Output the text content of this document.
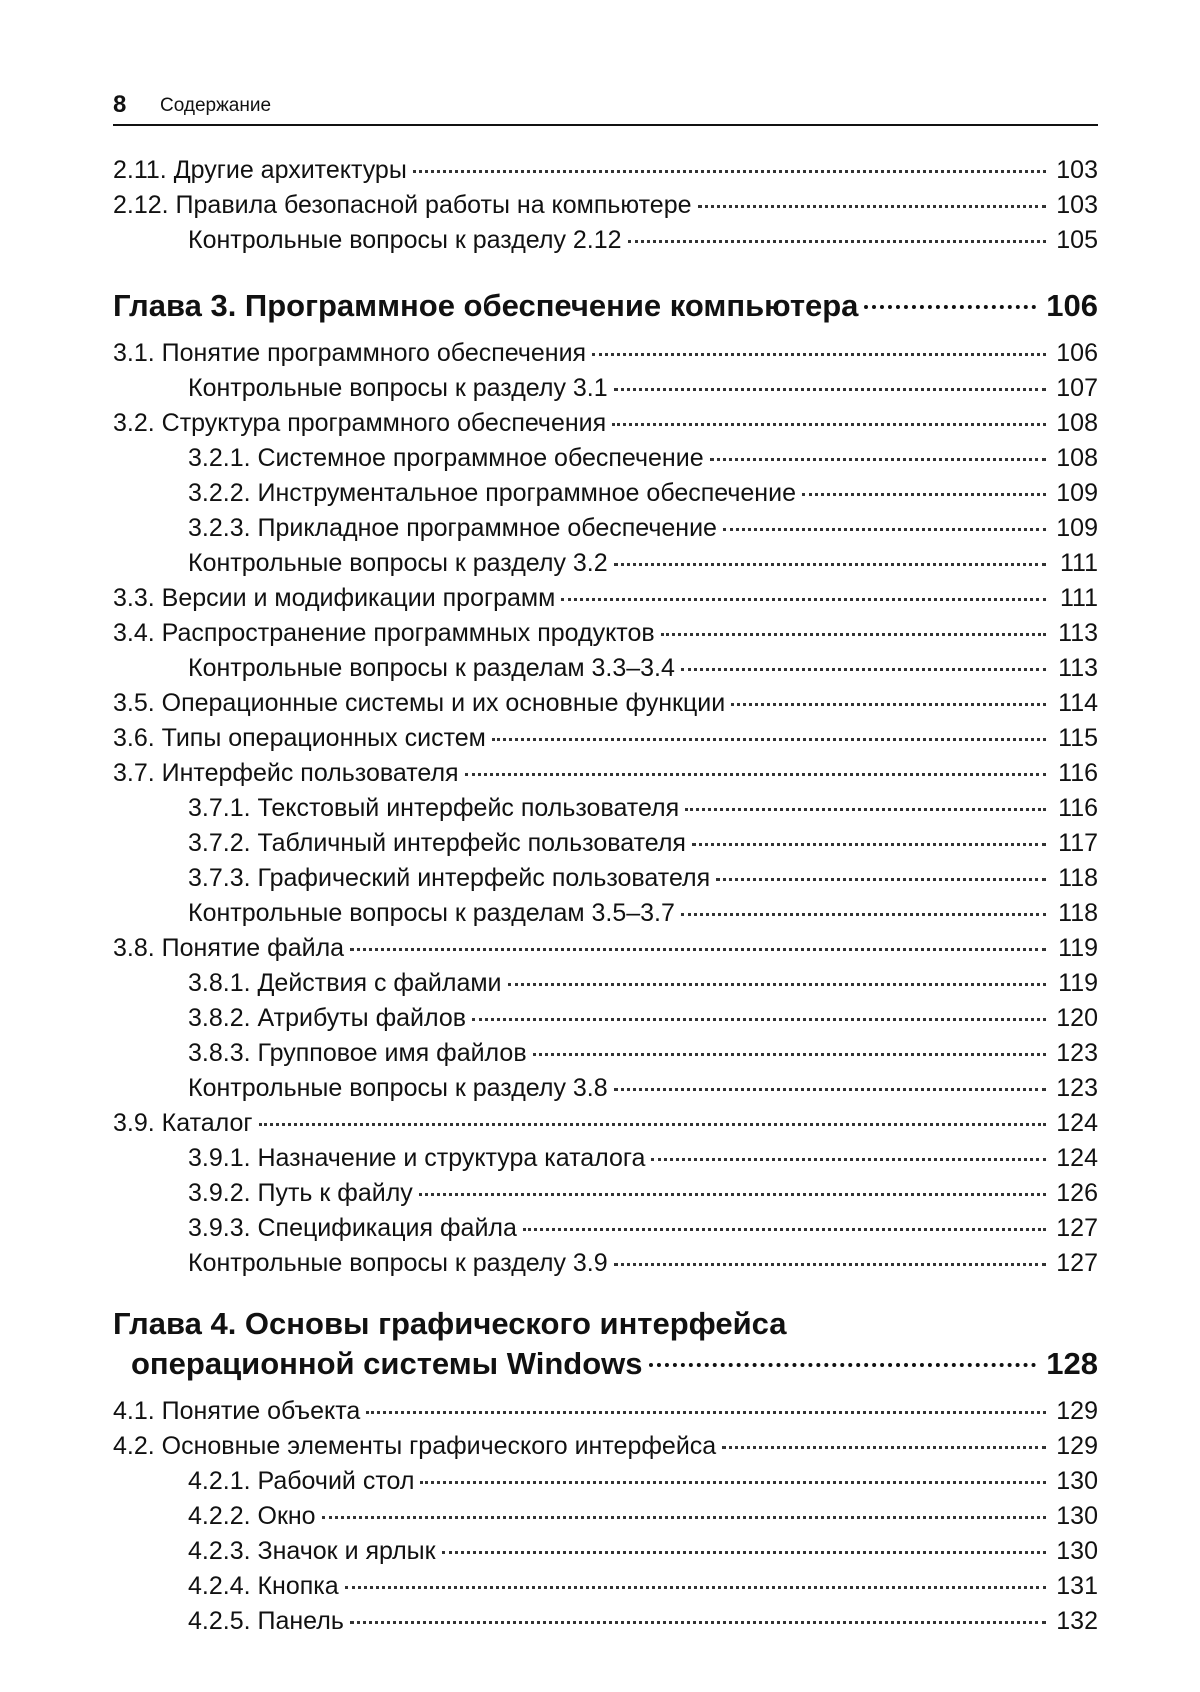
8 Содержание
2.11. Другие архитектуры	103
2.12. Правила безопасной работы на компьютере	103
Контрольные вопросы к разделу 2.12	105
Глава 3. Программное обеспечение компьютера	106
3.1. Понятие программного обеспечения	106
Контрольные вопросы к разделу 3.1	107
3.2. Структура программного обеспечения	108
3.2.1. Системное программное обеспечение	108
3.2.2. Инструментальное программное обеспечение	109
3.2.3. Прикладное программное обеспечение	109
Контрольные вопросы к разделу 3.2	111
3.3. Версии и модификации программ	111
3.4. Распространение программных продуктов	113
Контрольные вопросы к разделам 3.3–3.4	113
3.5. Операционные системы и их основные функции	114
3.6. Типы операционных систем	115
3.7. Интерфейс пользователя	116
3.7.1. Текстовый интерфейс пользователя	116
3.7.2. Табличный интерфейс пользователя	117
3.7.3. Графический интерфейс пользователя	118
Контрольные вопросы к разделам 3.5–3.7	118
3.8. Понятие файла	119
3.8.1. Действия с файлами	119
3.8.2. Атрибуты файлов	120
3.8.3. Групповое имя файлов	123
Контрольные вопросы к разделу 3.8	123
3.9. Каталог	124
3.9.1. Назначение и структура каталога	124
3.9.2. Путь к файлу	126
3.9.3. Спецификация файла	127
Контрольные вопросы к разделу 3.9	127
Глава 4. Основы графического интерфейса
операционной системы Windows	128
4.1. Понятие объекта	129
4.2. Основные элементы графического интерфейса	129
4.2.1. Рабочий стол	130
4.2.2. Окно	130
4.2.3. Значок и ярлык	130
4.2.4. Кнопка	131
4.2.5. Панель	132
